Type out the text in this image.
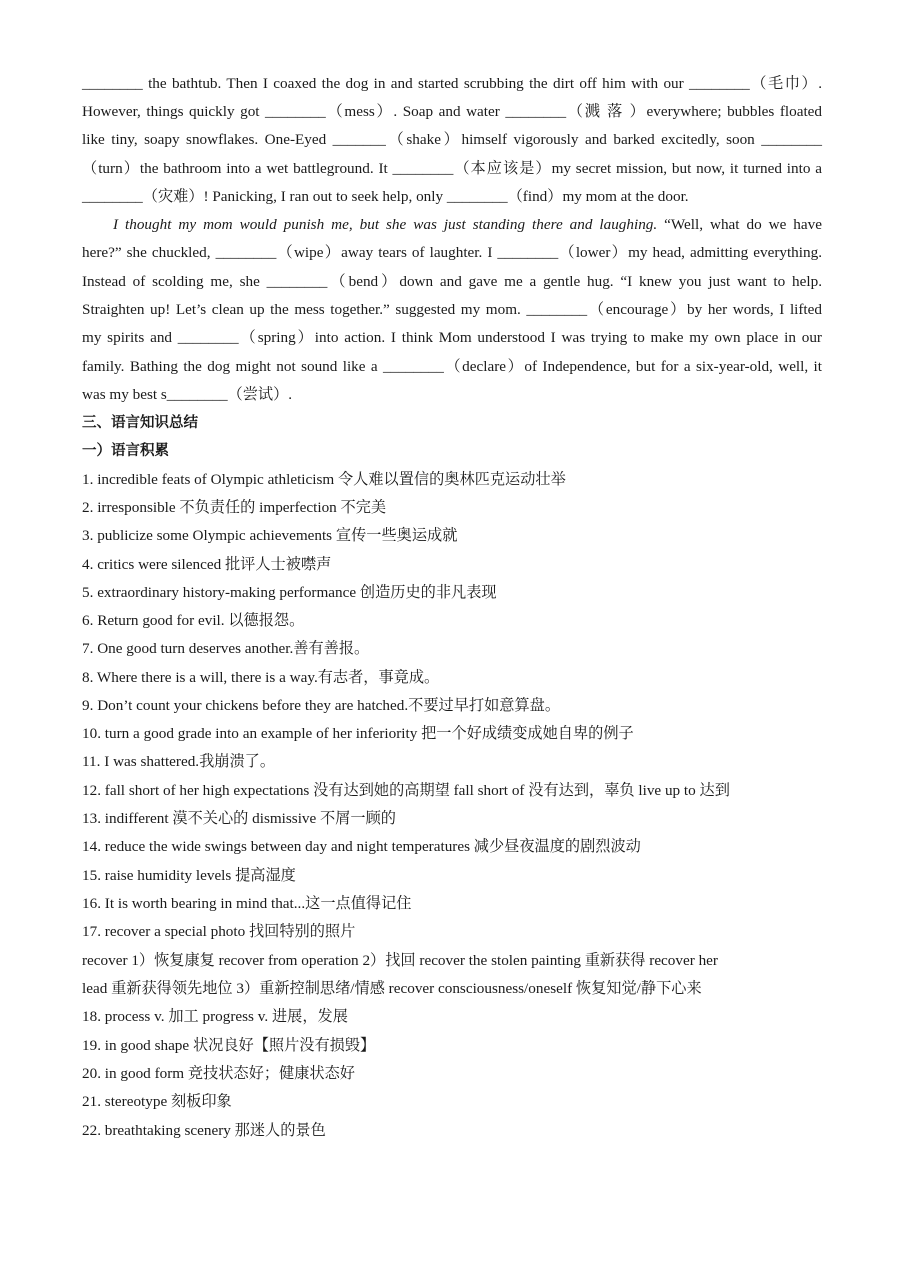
________ the bathtub. Then I coaxed the dog in and started scrubbing the dirt off him with our ________（毛巾）.
However, things quickly got ________（mess）. Soap and water ________（溅 落 ）everywhere; bubbles floated
like tiny, soapy snowflakes. One-Eyed _______（shake）himself vigorously and barked excitedly, soon ________
（turn）the bathroom into a wet battleground. It ________（本应该是）my secret mission, but now, it turned into a
________（灾难）! Panicking, I ran out to seek help, only ________（find）my mom at the door.
I thought my mom would punish me, but she was just standing there and laughing. “Well, what do we have
here?” she chuckled, ________（wipe）away tears of laughter. I ________（lower）my head, admitting everything.
Instead of scolding me, she ________（bend）down and gave me a gentle hug. “I knew you just want to help.
Straighten up! Let’s clean up the mess together.” suggested my mom. ________（encourage）by her words, I lifted
my spirits and ________（spring）into action. I think Mom understood I was trying to make my own place in our
family. Bathing the dog might not sound like a ________（declare）of Independence, but for a six-year-old, well, it
was my best s________（尝试）.
三、语言知识总结
一）语言积累
1. incredible feats of Olympic athleticism 令人难以置信的奥林匹克运动壮举
2. irresponsible 不负责任的 imperfection 不完美
3. publicize some Olympic achievements 宣传一些奥运成就
4. critics were silenced 批评人士被噤声
5. extraordinary history-making performance 创造历史的非凡表现
6. Return good for evil. 以德报怨。
7. One good turn deserves another.善有善报。
8. Where there is a will, there is a way.有志者，事竟成。
9. Don’t count your chickens before they are hatched.不要过早打如意算盘。
10. turn a good grade into an example of her inferiority 把一个好成绩变成她自卑的例子
11. I was shattered.我崩溃了。
12. fall short of her high expectations 没有达到她的高期望 fall short of 没有达到，辜负 live up to 达到
13. indifferent 漠不关心的 dismissive 不屑一顾的
14. reduce the wide swings between day and night temperatures 减少昼夜温度的剧烈波动
15. raise humidity levels 提高湿度
16. It is worth bearing in mind that...这一点值得记住
17. recover a special photo 找回特别的照片
recover 1）恢复康复 recover from operation 2）找回 recover the stolen painting 重新获得 recover her
lead 重新获得领先地位 3）重新控制思绪/情感 recover consciousness/oneself 恢复知觉/静下心来
18. process v. 加工 progress v. 进展，发展
19. in good shape 状况良好【照片没有损毁】
20. in good form 竞技状态好；健康状态好
21. stereotype 刻板印象
22. breathtaking scenery 那迷人的景色
